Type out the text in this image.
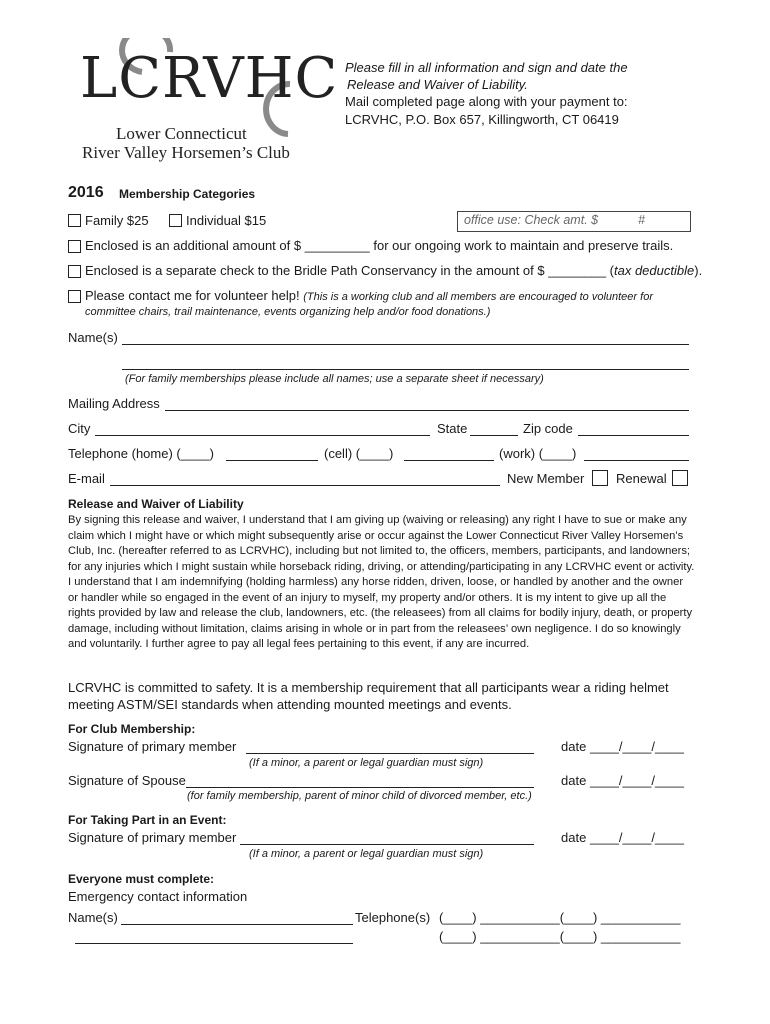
LCRVHC
Lower Connecticut
River Valley Horsemen’s Club
Please fill in all information and sign and date the
Release and Waiver of Liability.
Mail completed page along with your payment to:
LCRVHC, P.O. Box 657, Killingworth, CT 06419
2016 Membership Categories
Family $25	Individual $15	office use: Check amt. $	#
Enclosed is an additional amount of $ _________ for our ongoing work to maintain and preserve trails.
Enclosed is a separate check to the Bridle Path Conservancy in the amount of $ ________ (tax deductible).
Please contact me for volunteer help! (This is a working club and all members are encouraged to volunteer for
committee chairs, trail maintenance, events organizing help and/or food donations.)
Name(s)
(For family memberships please include all names; use a separate sheet if necessary)
Mailing Address
City	State	Zip code
Telephone (home) (____)	(cell) (____)	(work) (____)
E-mail	New Member Renewal
Release and Waiver of Liability
By signing this release and waiver, I understand that I am giving up (waiving or releasing) any right I have to sue or make any claim which I might have or which might subsequently arise or occur against the Lower Connecticut River Valley Horsemen’s Club, Inc. (hereafter referred to as LCRVHC), including but not limited to, the officers, members, participants, and landowners; for any injuries which I might sustain while horseback riding, driving, or attending/participating in any LCRVHC event or activity. I understand that I am indemnifying (holding harmless) any horse ridden, driven, loose, or handled by another and the owner or handler while so engaged in the event of an injury to myself, my property and/or others. It is my intent to give up all the rights provided by law and release the club, landowners, etc. (the releasees) from all claims for bodily injury, death, or property damage, including without limitation, claims arising in whole or in part from the releasees’ own negligence. I do so knowingly and voluntarily. I further agree to pay all legal fees pertaining to this event, if any are incurred.
LCRVHC is committed to safety. It is a membership requirement that all participants wear a riding helmet meeting ASTM/SEI standards when attending mounted meetings and events.
For Club Membership:
Signature of primary member	date ____/____/____
(If a minor, a parent or legal guardian must sign)
Signature of Spouse	date ____/____/____
(for family membership, parent of minor child of divorced member, etc.)
For Taking Part in an Event:
Signature of primary member	date ____/____/____
(If a minor, a parent or legal guardian must sign)
Everyone must complete:
Emergency contact information
Name(s)	Telephone(s) (____) ___________(____) ___________
(____) ___________(____) ___________
